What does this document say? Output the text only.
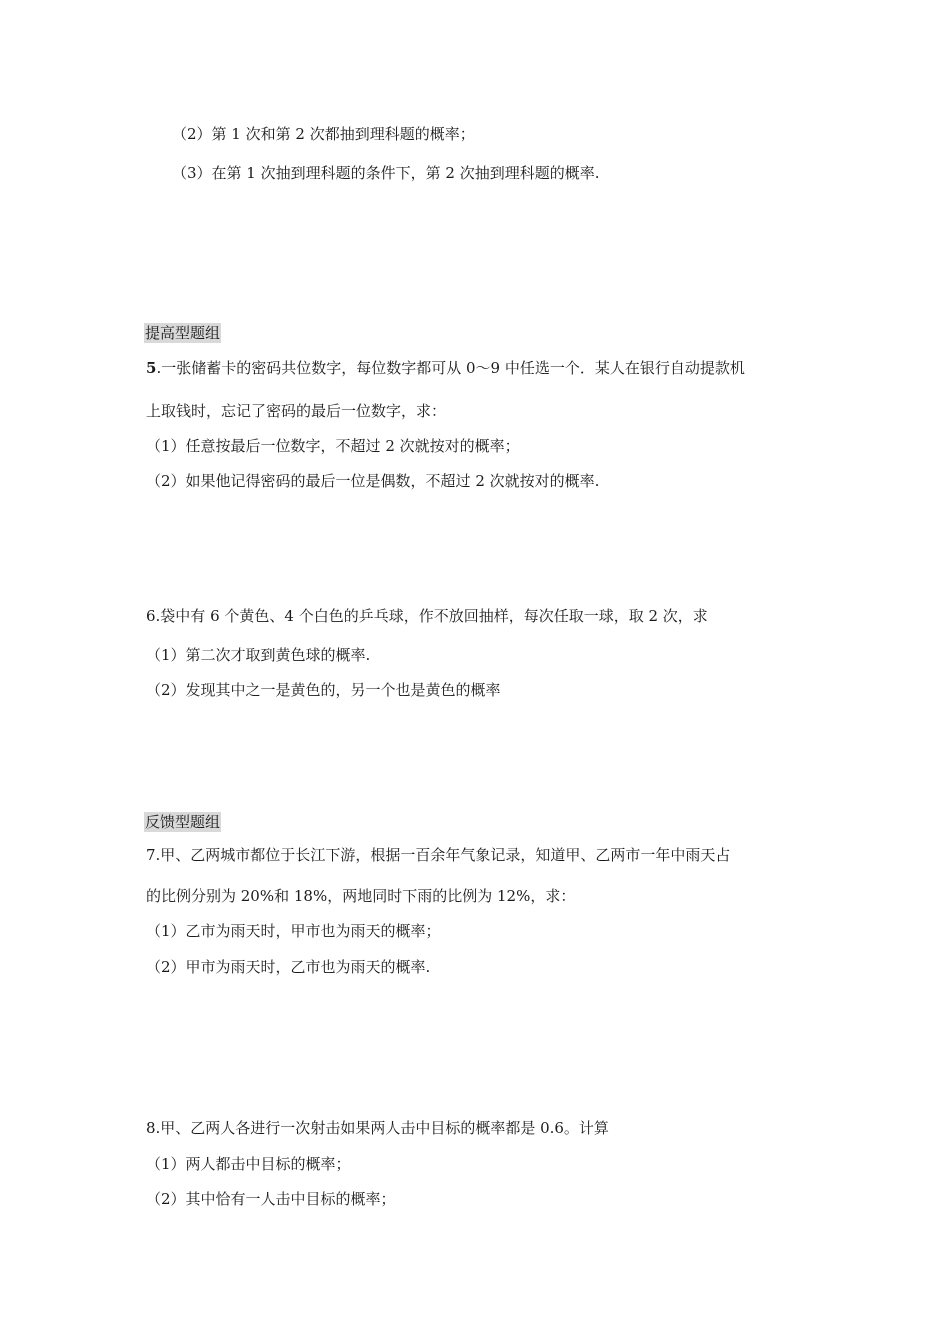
（2）第 1 次和第 2 次都抽到理科题的概率；
（3）在第 1 次抽到理科题的条件下，第 2 次抽到理科题的概率.
提高型题组
5.一张储蓄卡的密码共位数字，每位数字都可从 0～9 中任选一个．某人在银行自动提款机
上取钱时，忘记了密码的最后一位数字，求：
（1）任意按最后一位数字，不超过 2 次就按对的概率；
（2）如果他记得密码的最后一位是偶数，不超过 2 次就按对的概率.
6.袋中有 6 个黄色、4 个白色的乒乓球，作不放回抽样，每次任取一球，取 2 次，求
（1）第二次才取到黄色球的概率.
（2）发现其中之一是黄色的，另一个也是黄色的概率
反馈型题组
7.甲、乙两城市都位于长江下游，根据一百余年气象记录，知道甲、乙两市一年中雨天占
的比例分别为 20%和 18%，两地同时下雨的比例为 12%，求：
（1）乙市为雨天时，甲市也为雨天的概率；
（2）甲市为雨天时，乙市也为雨天的概率.
8.甲、乙两人各进行一次射击如果两人击中目标的概率都是 0.6。计算
（1）两人都击中目标的概率；
（2）其中恰有一人击中目标的概率；
